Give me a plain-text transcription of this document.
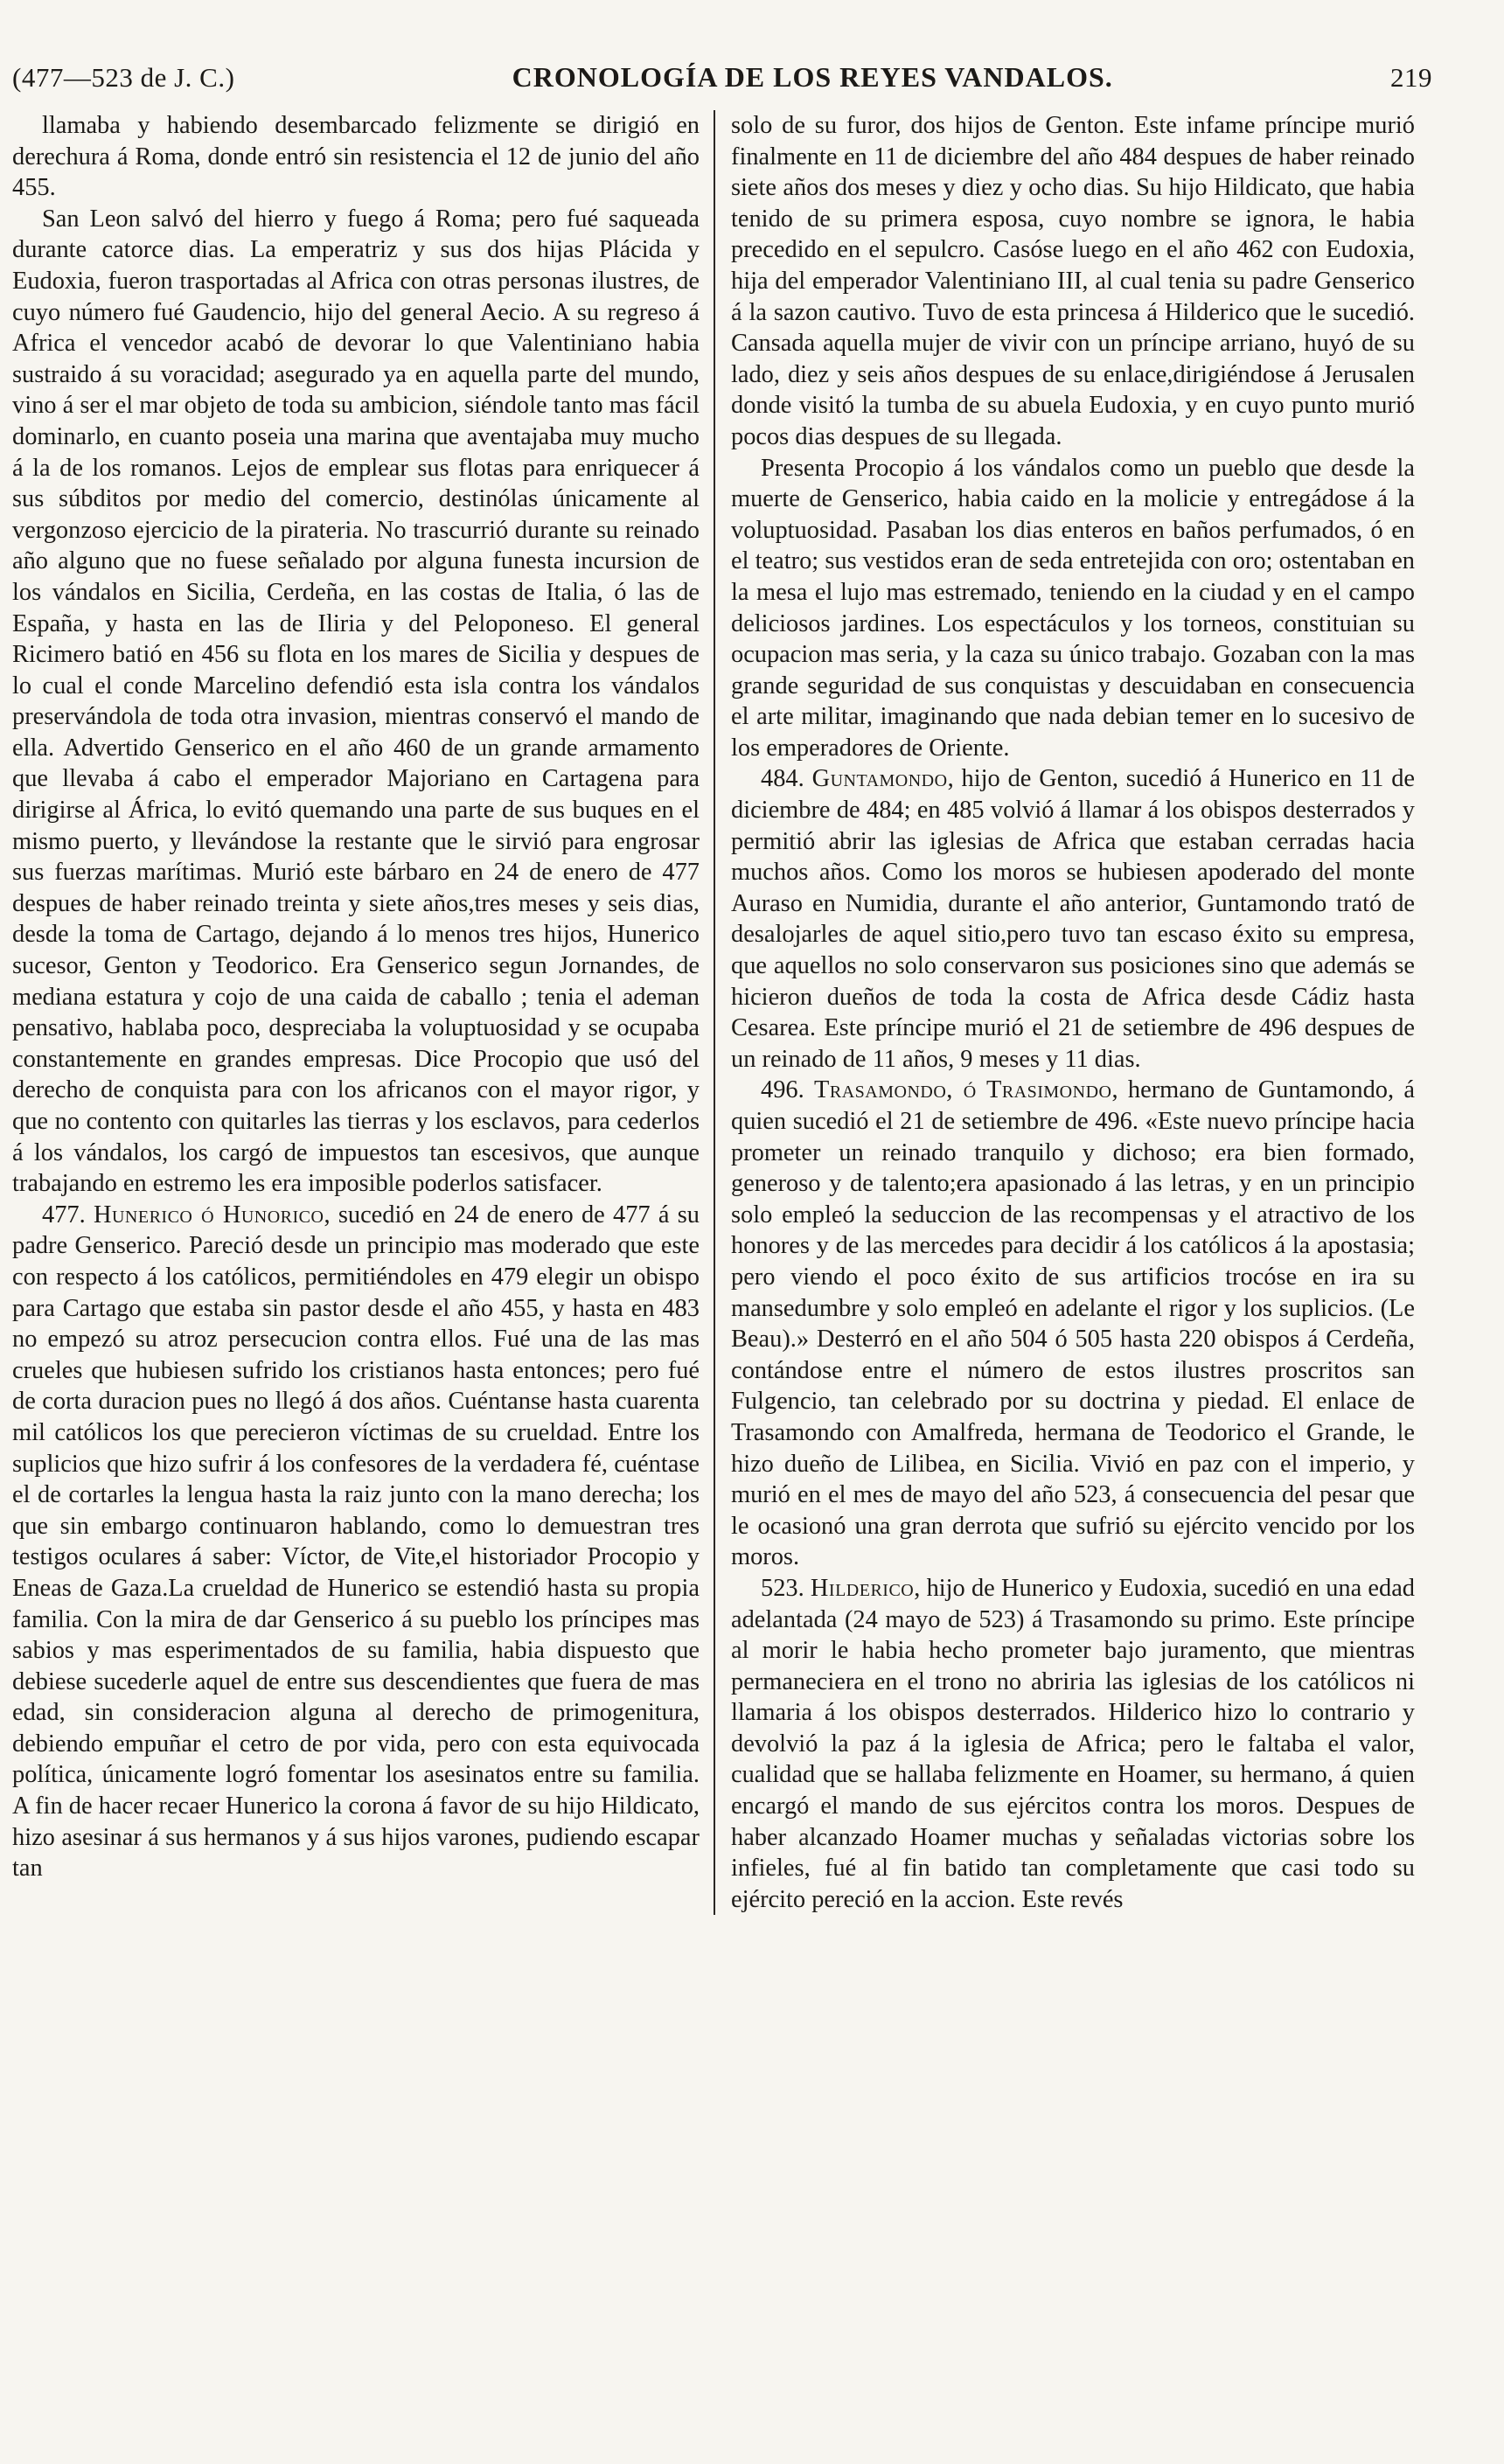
(477—523 de J. C.)	CRONOLOGÍA DE LOS REYES VANDALOS.	219

llamaba y habiendo desembarcado felizmente se dirigió en derechura á Roma, donde entró sin resistencia el 12 de junio del año 455.

San Leon salvó del hierro y fuego á Roma; pero fué saqueada durante catorce dias. La emperatriz y sus dos hijas Plácida y Eudoxia, fueron trasportadas al Africa con otras personas ilustres, de cuyo número fué Gaudencio, hijo del general Aecio. A su regreso á Africa el vencedor acabó de devorar lo que Valentiniano habia sustraido á su voracidad; asegurado ya en aquella parte del mundo, vino á ser el mar objeto de toda su ambicion, siéndole tanto mas fácil dominarlo, en cuanto poseia una marina que aventajaba muy mucho á la de los romanos. Lejos de emplear sus flotas para enriquecer á sus súbditos por medio del comercio, destinólas únicamente al vergonzoso ejercicio de la pirateria. No trascurrió durante su reinado año alguno que no fuese señalado por alguna funesta incursion de los vándalos en Sicilia, Cerdeña, en las costas de Italia, ó las de España, y hasta en las de Iliria y del Peloponeso. El general Ricimero batió en 456 su flota en los mares de Sicilia y despues de lo cual el conde Marcelino defendió esta isla contra los vándalos preservándola de toda otra invasion, mientras conservó el mando de ella. Advertido Genserico en el año 460 de un grande armamento que llevaba á cabo el emperador Majoriano en Cartagena para dirigirse al África, lo evitó quemando una parte de sus buques en el mismo puerto, y llevándose la restante que le sirvió para engrosar sus fuerzas marítimas. Murió este bárbaro en 24 de enero de 477 despues de haber reinado treinta y siete años,tres meses y seis dias, desde la toma de Cartago, dejando á lo menos tres hijos, Hunerico sucesor, Genton y Teodorico. Era Genserico segun Jornandes, de mediana estatura y cojo de una caida de caballo ; tenia el ademan pensativo, hablaba poco, despreciaba la voluptuosidad y se ocupaba constantemente en grandes empresas. Dice Procopio que usó del derecho de conquista para con los africanos con el mayor rigor, y que no contento con quitarles las tierras y los esclavos, para cederlos á los vándalos, los cargó de impuestos tan escesivos, que aunque trabajando en estremo les era imposible poderlos satisfacer.

477. Hunerico ó Hunorico, sucedió en 24 de enero de 477 á su padre Genserico. Pareció desde un principio mas moderado que este con respecto á los católicos, permitiéndoles en 479 elegir un obispo para Cartago que estaba sin pastor desde el año 455, y hasta en 483 no empezó su atroz persecucion contra ellos. Fué una de las mas crueles que hubiesen sufrido los cristianos hasta entonces; pero fué de corta duracion pues no llegó á dos años. Cuéntanse hasta cuarenta mil católicos los que perecieron víctimas de su crueldad. Entre los suplicios que hizo sufrir á los confesores de la verdadera fé, cuéntase el de cortarles la lengua hasta la raiz junto con la mano derecha; los que sin embargo continuaron hablando, como lo demuestran tres testigos oculares á saber: Víctor, de Vite,el historiador Procopio y Eneas de Gaza.La crueldad de Hunerico se estendió hasta su propia familia. Con la mira de dar Genserico á su pueblo los príncipes mas sabios y mas esperimentados de su familia, habia dispuesto que debiese sucederle aquel de entre sus descendientes que fuera de mas edad, sin consideracion alguna al derecho de primogenitura, debiendo empuñar el cetro de por vida, pero con esta equivocada política, únicamente logró fomentar los asesinatos entre su familia. A fin de hacer recaer Hunerico la corona á favor de su hijo Hildicato, hizo asesinar á sus hermanos y á sus hijos varones, pudiendo escapar tan

solo de su furor, dos hijos de Genton. Este infame príncipe murió finalmente en 11 de diciembre del año 484 despues de haber reinado siete años dos meses y diez y ocho dias. Su hijo Hildicato, que habia tenido de su primera esposa, cuyo nombre se ignora, le habia precedido en el sepulcro. Casóse luego en el año 462 con Eudoxia, hija del emperador Valentiniano III, al cual tenia su padre Genserico á la sazon cautivo. Tuvo de esta princesa á Hilderico que le sucedió. Cansada aquella mujer de vivir con un príncipe arriano, huyó de su lado, diez y seis años despues de su enlace,dirigiéndose á Jerusalen donde visitó la tumba de su abuela Eudoxia, y en cuyo punto murió pocos dias despues de su llegada.

Presenta Procopio á los vándalos como un pueblo que desde la muerte de Genserico, habia caido en la molicie y entregádose á la voluptuosidad. Pasaban los dias enteros en baños perfumados, ó en el teatro; sus vestidos eran de seda entretejida con oro; ostentaban en la mesa el lujo mas estremado, teniendo en la ciudad y en el campo deliciosos jardines. Los espectáculos y los torneos, constituian su ocupacion mas seria, y la caza su único trabajo. Gozaban con la mas grande seguridad de sus conquistas y descuidaban en consecuencia el arte militar, imaginando que nada debian temer en lo sucesivo de los emperadores de Oriente.

484. Guntamondo, hijo de Genton, sucedió á Hunerico en 11 de diciembre de 484; en 485 volvió á llamar á los obispos desterrados y permitió abrir las iglesias de Africa que estaban cerradas hacia muchos años. Como los moros se hubiesen apoderado del monte Auraso en Numidia, durante el año anterior, Guntamondo trató de desalojarles de aquel sitio,pero tuvo tan escaso éxito su empresa, que aquellos no solo conservaron sus posiciones sino que además se hicieron dueños de toda la costa de Africa desde Cádiz hasta Cesarea. Este príncipe murió el 21 de setiembre de 496 despues de un reinado de 11 años, 9 meses y 11 dias.

496. Trasamondo, ó Trasimondo, hermano de Guntamondo, á quien sucedió el 21 de setiembre de 496. «Este nuevo príncipe hacia prometer un reinado tranquilo y dichoso; era bien formado, generoso y de talento;era apasionado á las letras, y en un principio solo empleó la seduccion de las recompensas y el atractivo de los honores y de las mercedes para decidir á los católicos á la apostasia; pero viendo el poco éxito de sus artificios trocóse en ira su mansedumbre y solo empleó en adelante el rigor y los suplicios. (Le Beau).» Desterró en el año 504 ó 505 hasta 220 obispos á Cerdeña, contándose entre el número de estos ilustres proscritos san Fulgencio, tan celebrado por su doctrina y piedad. El enlace de Trasamondo con Amalfreda, hermana de Teodorico el Grande, le hizo dueño de Lilibea, en Sicilia. Vivió en paz con el imperio, y murió en el mes de mayo del año 523, á consecuencia del pesar que le ocasionó una gran derrota que sufrió su ejército vencido por los moros.

523. Hilderico, hijo de Hunerico y Eudoxia, sucedió en una edad adelantada (24 mayo de 523) á Trasamondo su primo. Este príncipe al morir le habia hecho prometer bajo juramento, que mientras permaneciera en el trono no abriria las iglesias de los católicos ni llamaria á los obispos desterrados. Hilderico hizo lo contrario y devolvió la paz á la iglesia de Africa; pero le faltaba el valor, cualidad que se hallaba felizmente en Hoamer, su hermano, á quien encargó el mando de sus ejércitos contra los moros. Despues de haber alcanzado Hoamer muchas y señaladas victorias sobre los infieles, fué al fin batido tan completamente que casi todo su ejército pereció en la accion. Este revés
